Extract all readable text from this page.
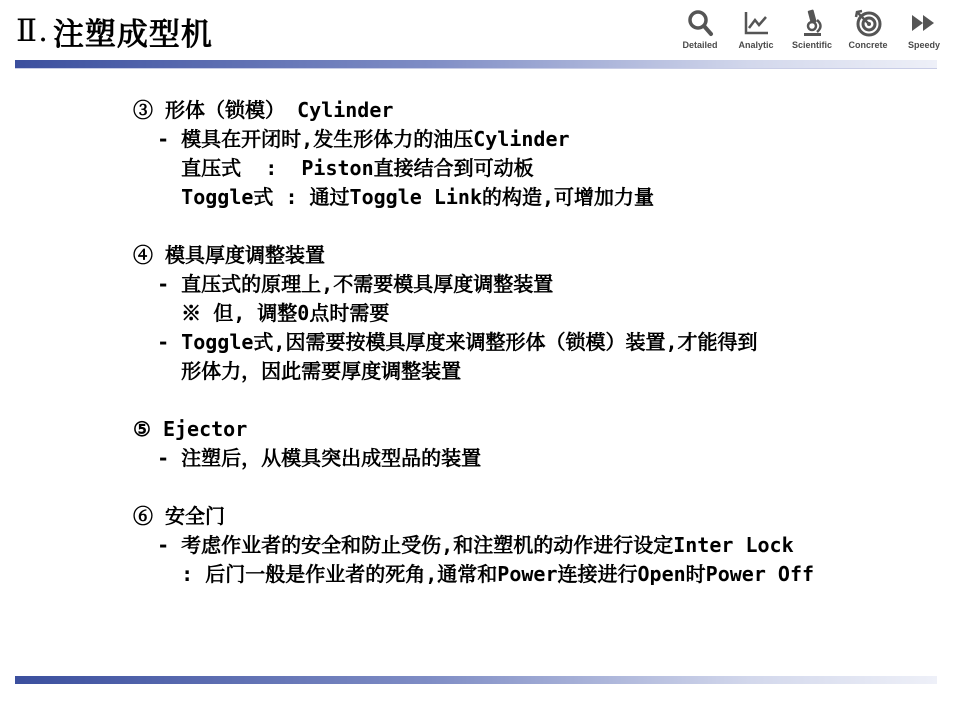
Ⅱ. 注塑成型机	Detailed Analytic Scientific Concrete Speedy
③ 形体（锁模） Cylinder
- 模具在开闭时,发生形体力的油压Cylinder
直压式  :  Piston直接结合到可动板
Toggle式 : 通过Toggle Link的构造,可增加力量
④ 模具厚度调整装置
- 直压式的原理上,不需要模具厚度调整装置
※ 但, 调整0点时需要
- Toggle式,因需要按模具厚度来调整形体（锁模）装置,才能得到
形体力，因此需要厚度调整装置
⑤ Ejector
- 注塑后，从模具突出成型品的装置
⑥ 安全门
- 考虑作业者的安全和防止受伤,和注塑机的动作进行设定Inter Lock
: 后门一般是作业者的死角,通常和Power连接进行Open时Power Off
